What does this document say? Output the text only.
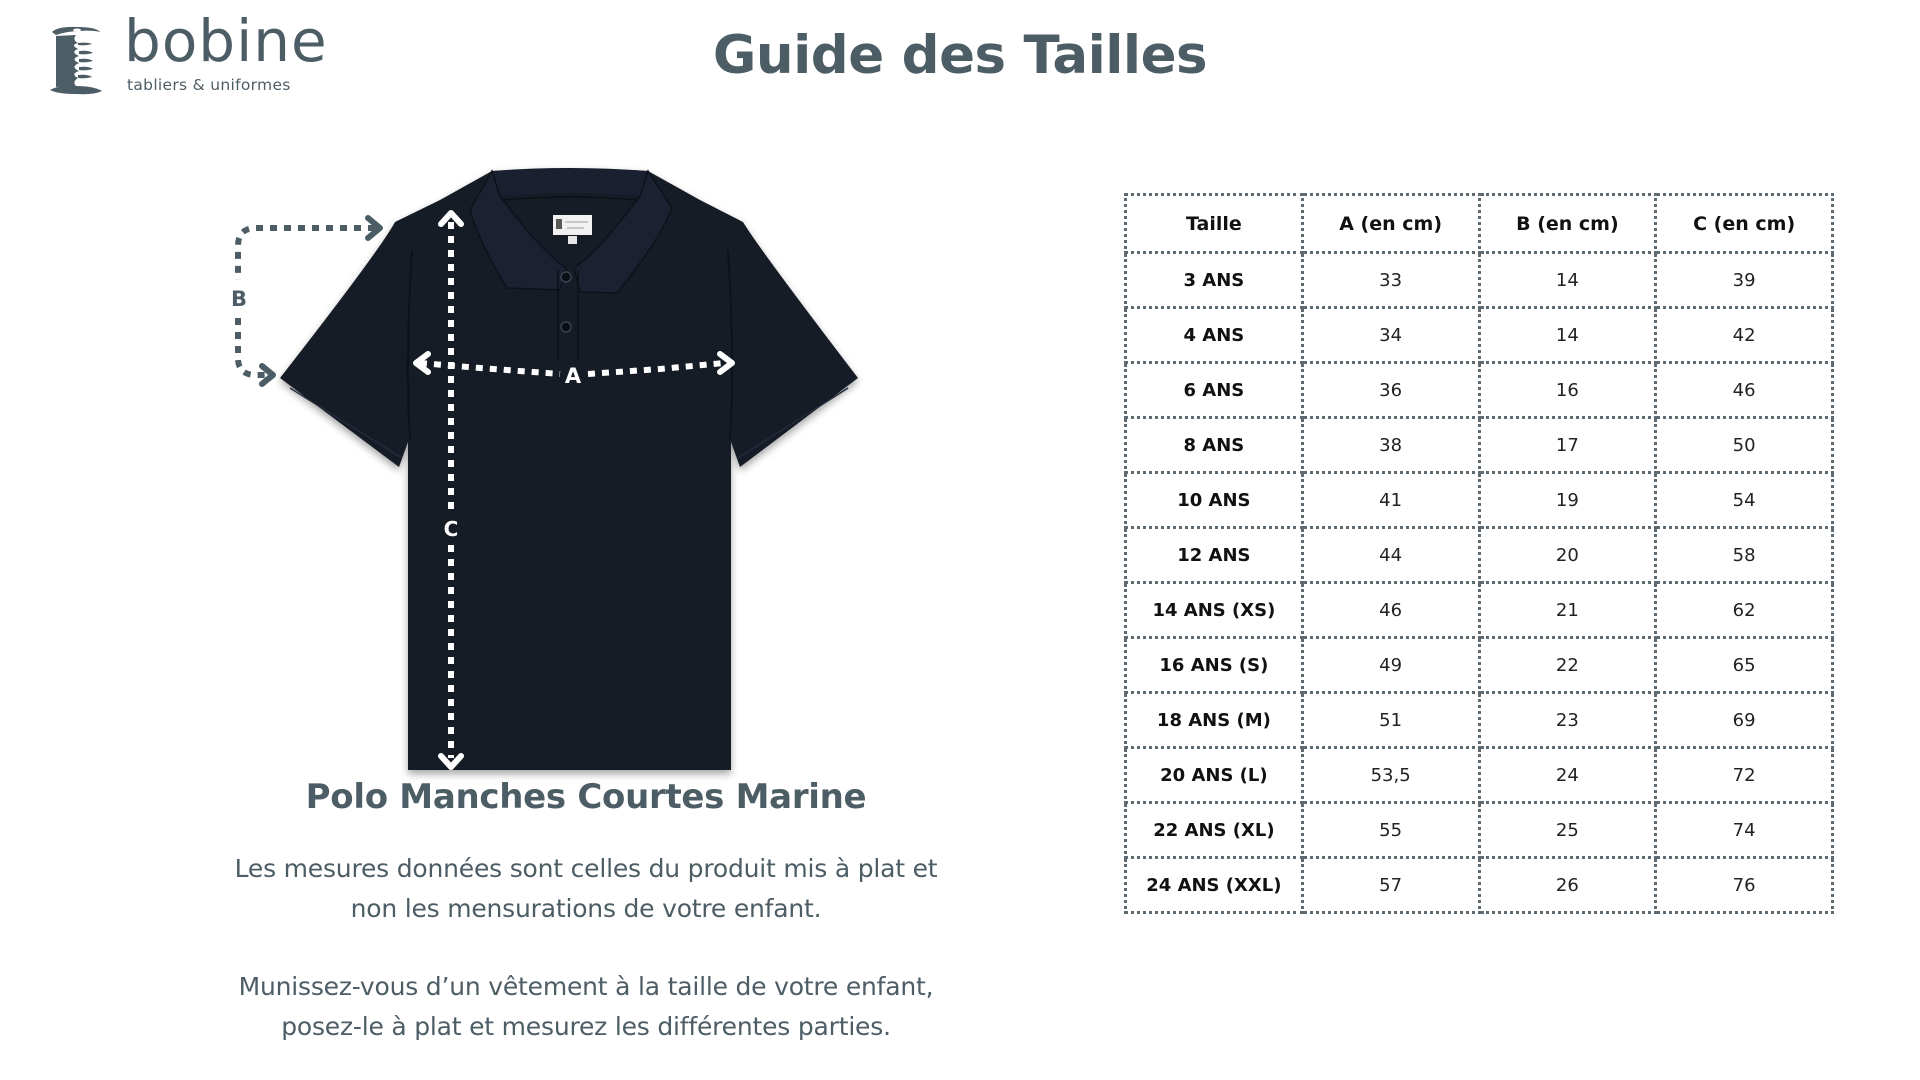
bobine
tabliers & uniformes	Guide des Tailles
C
A
B
Polo Manches Courtes Marine
Les mesures données sont celles du produit mis à plat et
non les mensurations de votre enfant.
Munissez-vous d’un vêtement à la taille de votre enfant,
posez-le à plat et mesurez les différentes parties.
Taille	A (en cm)	B (en cm)	C (en cm)
3 ANS	33	14	39
4 ANS	34	14	42
6 ANS	36	16	46
8 ANS	38	17	50
10 ANS	41	19	54
12 ANS	44	20	58
14 ANS (XS)	46	21	62
16 ANS (S)	49	22	65
18 ANS (M)	51	23	69
20 ANS (L)	53,5	24	72
22 ANS (XL)	55	25	74
24 ANS (XXL)	57	26	76
